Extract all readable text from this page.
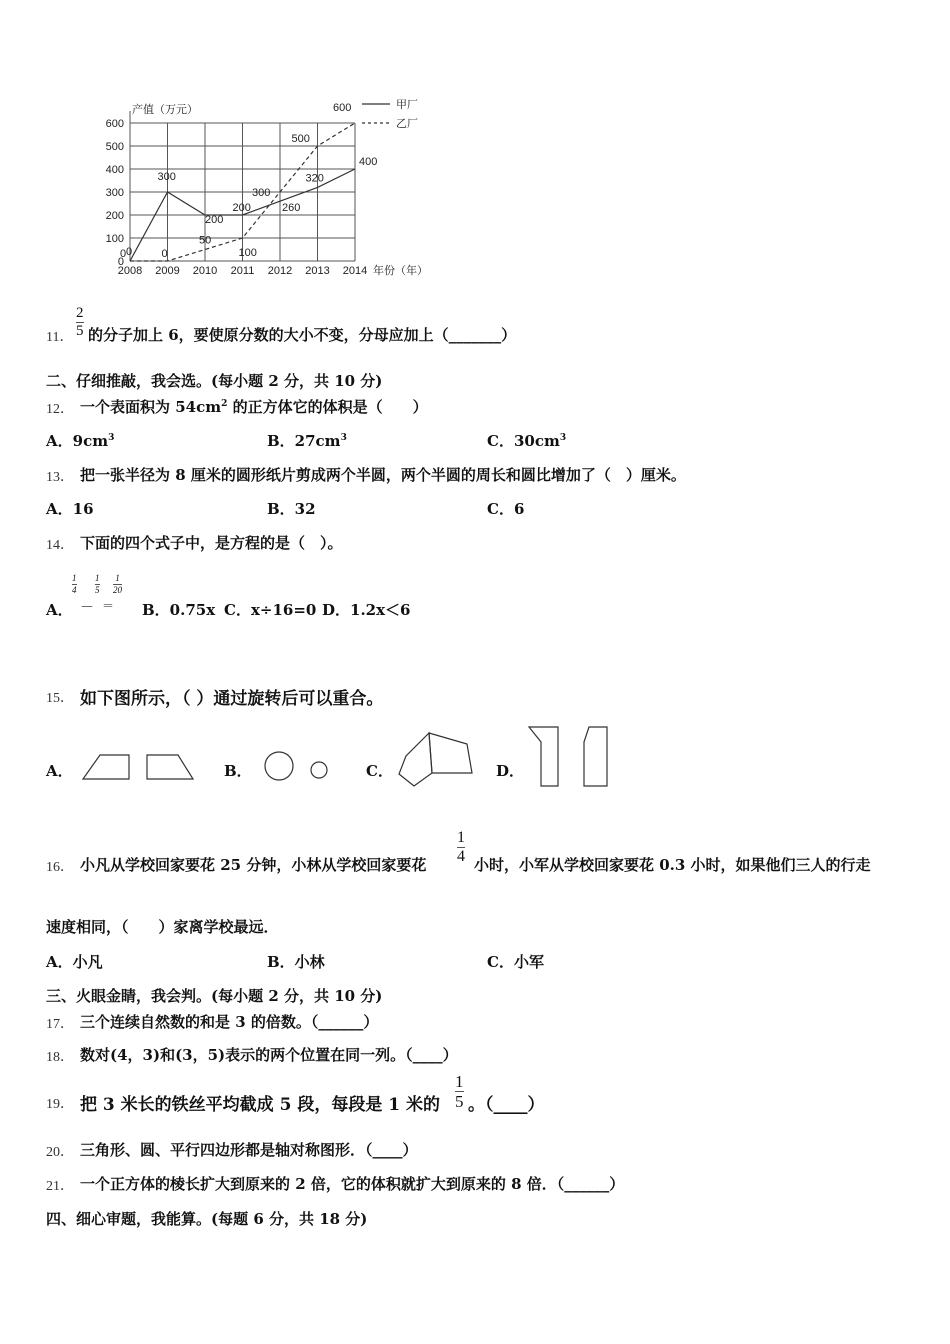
0
100
200
300
400
500
600
2008 2009 2010 2011 2012 2013 2014
0
300
200
200	260
320
400
0	0
50
100
300
500
600
产值（万元）
年份（年）
甲厂
乙厂
11．
2
5 的分子加上 6，要使原分数的大小不变，分母应加上（_______）
二、仔细推敲，我会选。(每小题 2 分，共 10 分)
12． 一个表面积为 $54cm^2$ 的正方体它的体积是（　　）
A．$9cm^3$	B．$27cm^3$	C．$30cm^3$
13． 把一张半径为 8 厘米的圆形纸片剪成两个半圆，两个半圆的周长和圆比增加了（　）厘米。
A．16	B．32	C．6
14． 下面的四个式子中，是方程的是（　）。
A．
1
4
1
5
1
20
－ ＝ B．0.75x C．x÷16=0 D．1.2x＜6
15． 如下图所示，（ ）通过旋转后可以重合。
A．	B．	C．	D．
16． 小凡从学校回家要花 25 分钟，小林从学校回家要花
1
4 小时，小军从学校回家要花 0.3 小时，如果他们三人的行走
速度相同，（　　）家离学校最远．
A．小凡	B．小林	C．小军
三、火眼金睛，我会判。(每小题 2 分，共 10 分)
17． 三个连续自然数的和是 3 的倍数。（______）
18． 数对(4，3)和(3，5)表示的两个位置在同一列。（____）
19． 把 3 米长的铁丝平均截成 5 段，每段是 1 米的
1
5 。（____）
20． 三角形、圆、平行四边形都是轴对称图形．（____）
21． 一个正方体的棱长扩大到原来的 2 倍，它的体积就扩大到原来的 8 倍．（______）
四、细心审题，我能算。(每题 6 分，共 18 分)
